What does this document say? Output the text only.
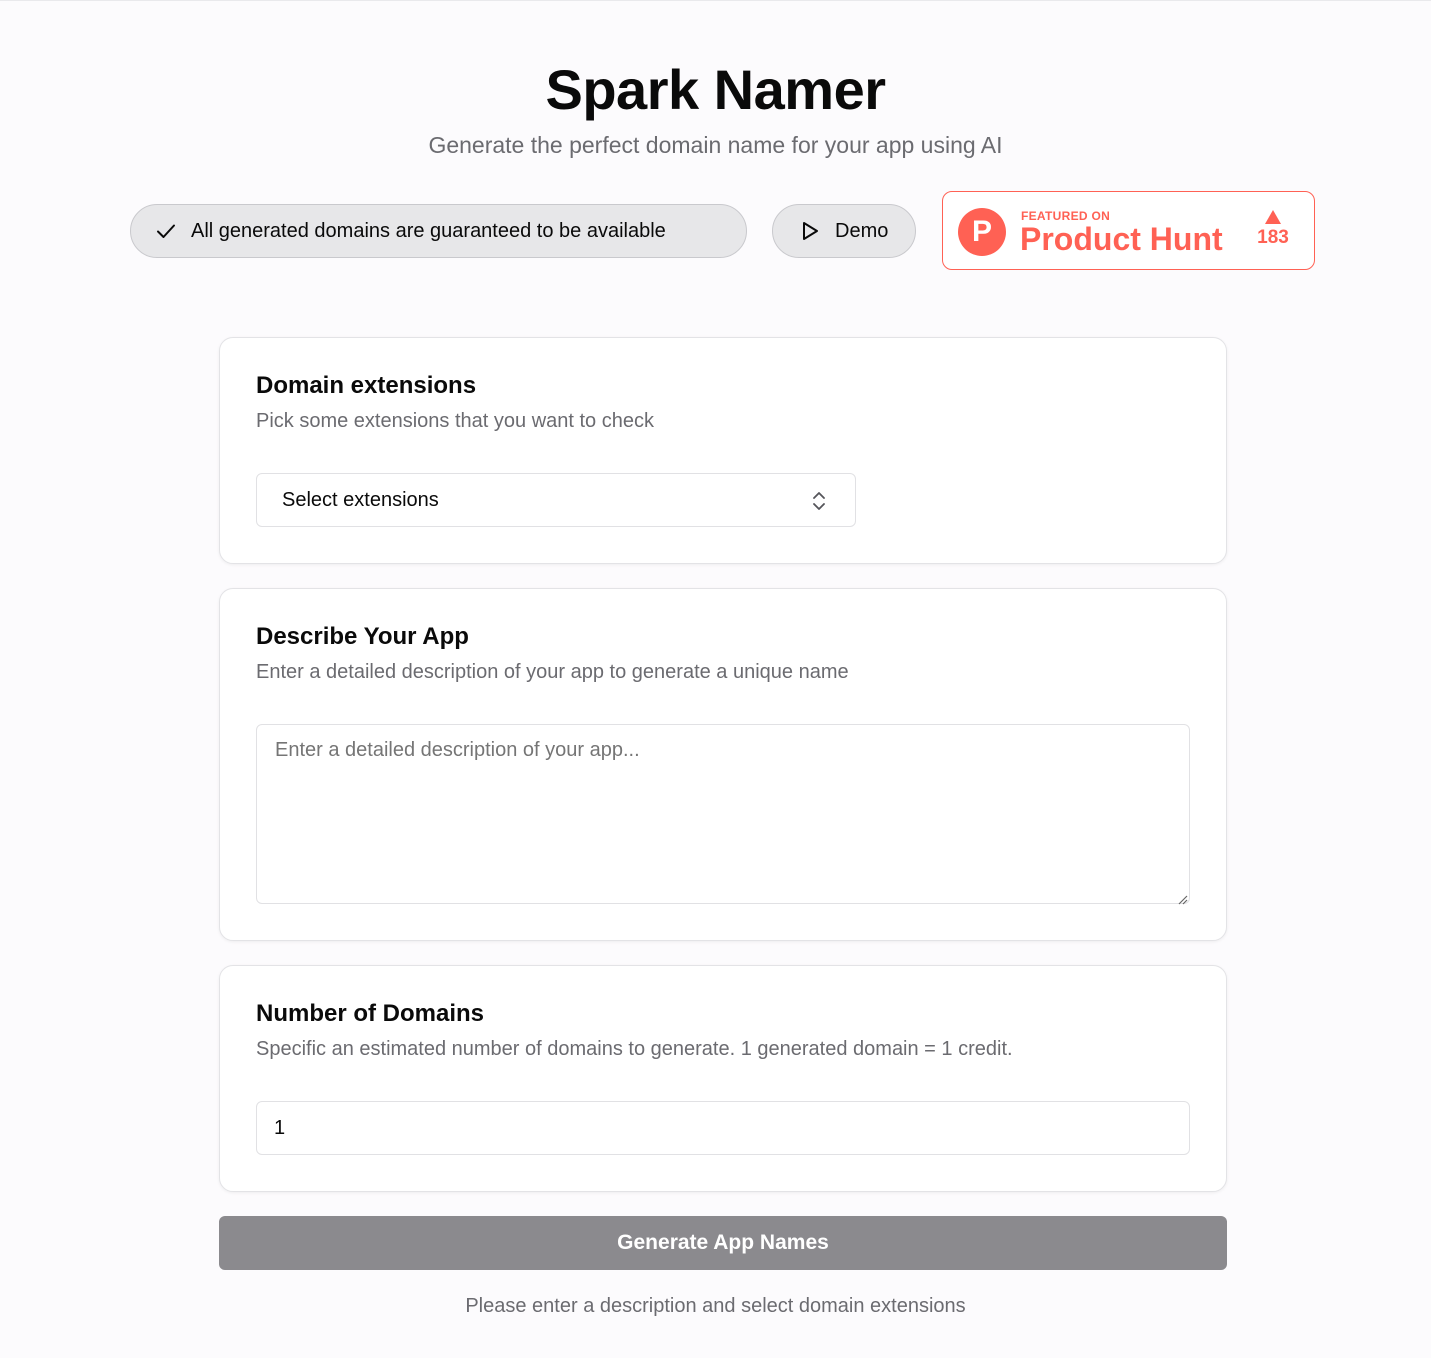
Spark Namer
Generate the perfect domain name for your app using AI
All generated domains are guaranteed to be available	Demo	P	FEATURED ON
Product Hunt	183
Domain extensions

Pick some extensions that you want to check

Select extensions
Describe Your App

Enter a detailed description of your app to generate a unique name

Enter a detailed description of your app...
Number of Domains

Specific an estimated number of domains to generate. 1 generated domain = 1 credit.

1
Generate App Names
Please enter a description and select domain extensions
